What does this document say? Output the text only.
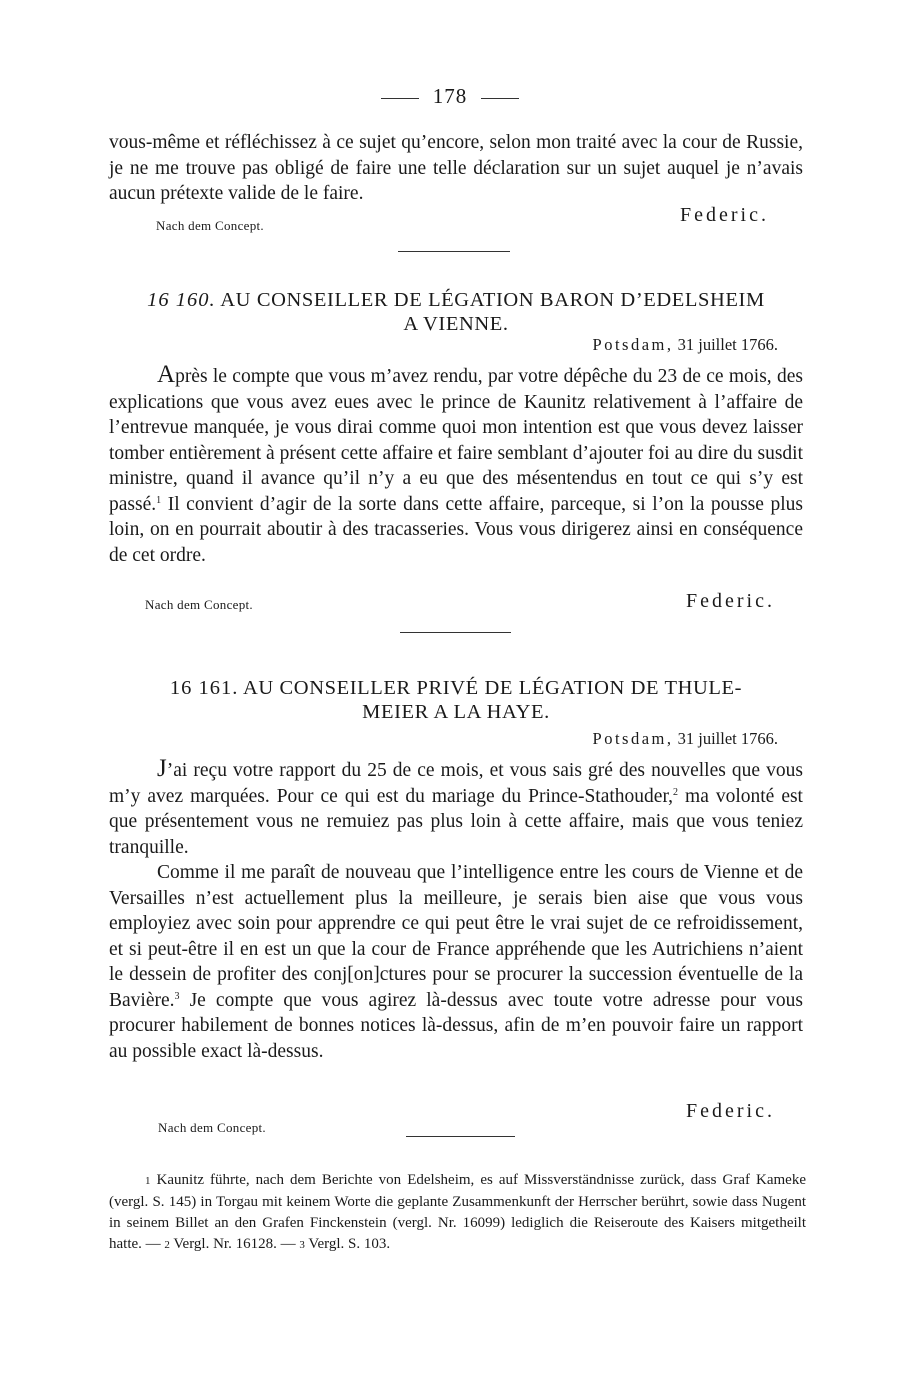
178

vous-même et réfléchissez à ce sujet qu’encore, selon mon traité avec la cour de Russie, je ne me trouve pas obligé de faire une telle déclaration sur un sujet auquel je n’avais aucun prétexte valide de le faire.

Nach dem Concept.	Federic.
16 160. AU CONSEILLER DE LÉGATION BARON D’EDELSHEIM
A VIENNE.
Potsdam, 31 juillet 1766.

Après le compte que vous m’avez rendu, par votre dépêche du 23 de ce mois, des explications que vous avez eues avec le prince de Kaunitz relativement à l’affaire de l’entrevue manquée, je vous dirai comme quoi mon intention est que vous devez laisser tomber entièrement à présent cette affaire et faire semblant d’ajouter foi au dire du susdit ministre, quand il avance qu’il n’y a eu que des mésentendus en tout ce qui s’y est passé.$^1$ Il convient d’agir de la sorte dans cette affaire, parceque, si l’on la pousse plus loin, on en pourrait aboutir à des tracasseries. Vous vous dirigerez ainsi en conséquence de cet ordre.

Nach dem Concept.	Federic.
16 161. AU CONSEILLER PRIVÉ DE LÉGATION DE THULE-
MEIER A LA HAYE.
Potsdam, 31 juillet 1766.

J’ai reçu votre rapport du 25 de ce mois, et vous sais gré des nouvelles que vous m’y avez marquées. Pour ce qui est du mariage du Prince-Stathouder,$^2$ ma volonté est que présentement vous ne remuiez pas plus loin à cette affaire, mais que vous teniez tranquille.

Comme il me paraît de nouveau que l’intelligence entre les cours de Vienne et de Versailles n’est actuellement plus la meilleure, je serais bien aise que vous vous employiez avec soin pour apprendre ce qui peut être le vrai sujet de ce refroidissement, et si peut-être il en est un que la cour de France appréhende que les Autrichiens n’aient le dessein de profiter des conj[on]ctures pour se procurer la succession éventuelle de la Bavière.$^3$ Je compte que vous agirez là-dessus avec toute votre adresse pour vous procurer habilement de bonnes notices là-dessus, afin de m’en pouvoir faire un rapport au possible exact là-dessus.

Federic.
Nach dem Concept.

1 Kaunitz führte, nach dem Berichte von Edelsheim, es auf Missverständnisse zurück, dass Graf Kameke (vergl. S. 145) in Torgau mit keinem Worte die geplante Zusammenkunft der Herrscher berührt, sowie dass Nugent in seinem Billet an den Grafen Finckenstein (vergl. Nr. 16099) lediglich die Reiseroute des Kaisers mitgetheilt hatte. — 2 Vergl. Nr. 16128. — 3 Vergl. S. 103.
